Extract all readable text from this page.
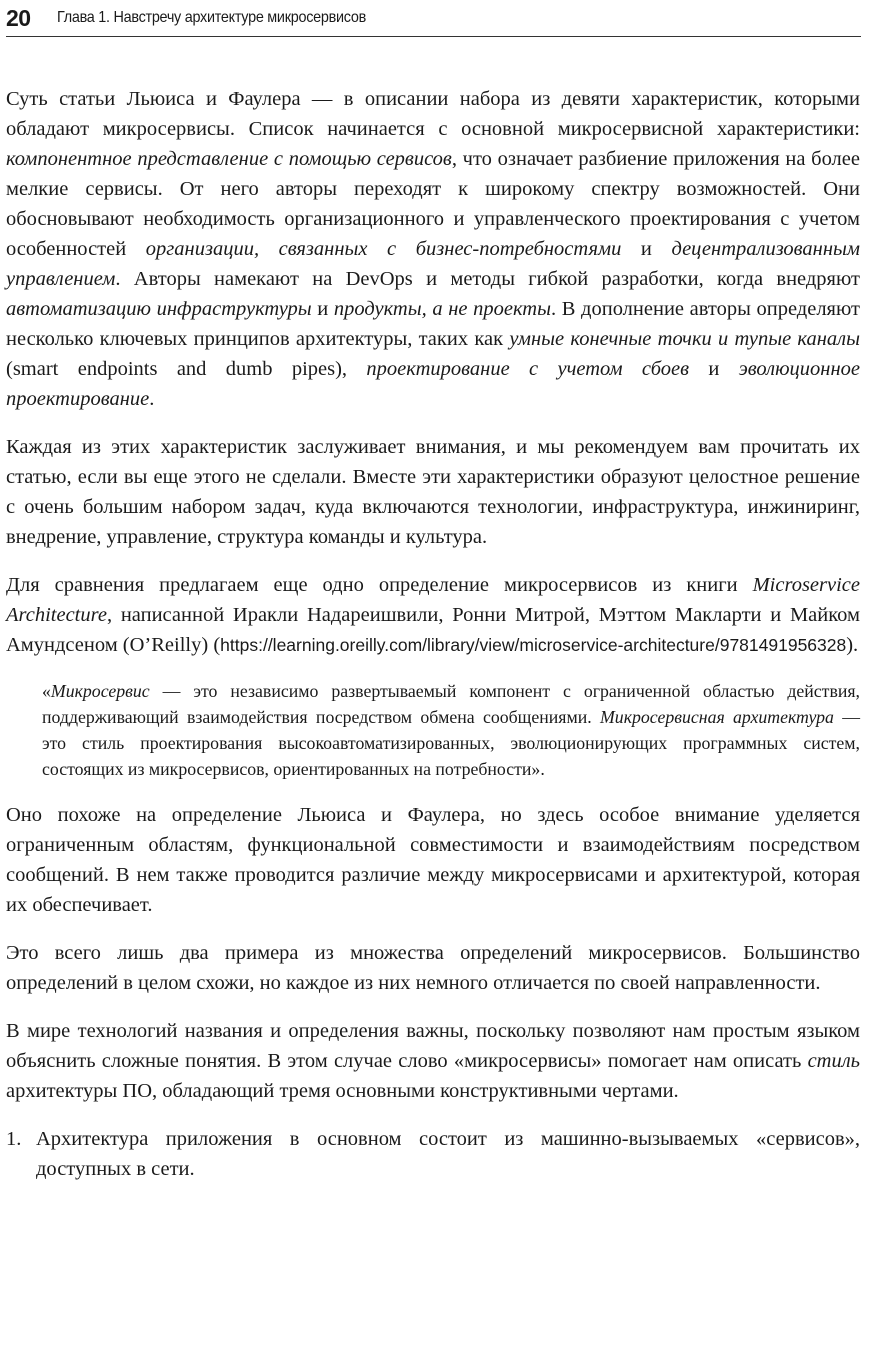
20 Глава 1. Навстречу архитектуре микросервисов

Суть статьи Льюиса и Фаулера — в описании набора из девяти характеристик, которыми обладают микросервисы. Список начинается с основной микросервисной характеристики: компонентное представление с помощью сервисов, что означает разбиение приложения на более мелкие сервисы. От него авторы переходят к широкому спектру возможностей. Они обосновывают необходимость организационного и управленческого проектирования с учетом особенностей организации, связанных с бизнес-потребностями и децентрализованным управлением. Авторы намекают на DevOps и методы гибкой разработки, когда внедряют автоматизацию инфраструктуры и продукты, а не проекты. В дополнение авторы определяют несколько ключевых принципов архитектуры, таких как умные конечные точки и тупые каналы (smart endpoints and dumb pipes), проектирование с учетом сбоев и эволюционное проектирование.

Каждая из этих характеристик заслуживает внимания, и мы рекомендуем вам прочитать их статью, если вы еще этого не сделали. Вместе эти характеристики образуют целостное решение с очень большим набором задач, куда включаются технологии, инфраструктура, инжиниринг, внедрение, управление, структура команды и культура.

Для сравнения предлагаем еще одно определение микросервисов из книги Microservice Architecture, написанной Иракли Надареишвили, Ронни Митрой, Мэттом Макларти и Майком Амундсеном (O’Reilly) (https://learning.oreilly.com/library/view/microservice-architecture/9781491956328).

«Микросервис — это независимо развертываемый компонент с ограниченной областью действия, поддерживающий взаимодействия посредством обмена сообщениями. Микросервисная архитектура — это стиль проектирования высокоавтоматизированных, эволюционирующих программных систем, состоящих из микросервисов, ориентированных на потребности».

Оно похоже на определение Льюиса и Фаулера, но здесь особое внимание уделяется ограниченным областям, функциональной совместимости и взаимодействиям посредством сообщений. В нем также проводится различие между микросервисами и архитектурой, которая их обеспечивает.

Это всего лишь два примера из множества определений микросервисов. Большинство определений в целом схожи, но каждое из них немного отличается по своей направленности.

В мире технологий названия и определения важны, поскольку позволяют нам простым языком объяснить сложные понятия. В этом случае слово «микросервисы» помогает нам описать стиль архитектуры ПО, обладающий тремя основными конструктивными чертами.

1. Архитектура приложения в основном состоит из машинно-вызываемых «сервисов», доступных в сети.
